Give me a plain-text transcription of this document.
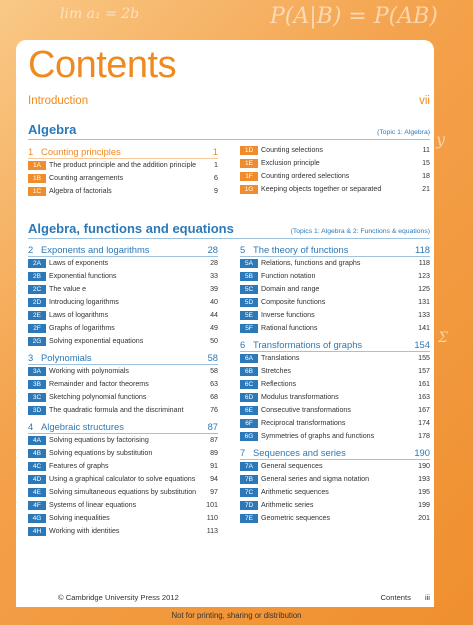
P(A|B) = P(AB)
lim a₁ = 2b
y
Σ
Contents
Introduction	vii
Algebra	(Topic 1: Algebra)
1 Counting principles	1
1A	The product principle and the addition principle	1
1B	Counting arrangements	6
1C	Algebra of factorials	9
1D	Counting selections	11
1E	Exclusion principle	15
1F	Counting ordered selections	18
1G	Keeping objects together or separated	21
Algebra, functions and equations	(Topics 1: Algebra & 2: Functions & equations)
2 Exponents and logarithms	28
2A	Laws of exponents	28
2B	Exponential functions	33
2C	The value e	39
2D	Introducing logarithms	40
2E	Laws of logarithms	44
2F	Graphs of logarithms	49
2G	Solving exponential equations	50
3 Polynomials	58
3A	Working with polynomials	58
3B	Remainder and factor theorems	63
3C	Sketching polynomial functions	68
3D	The quadratic formula and the discriminant	76
4 Algebraic structures	87
4A	Solving equations by factorising	87
4B	Solving equations by substitution	89
4C	Features of graphs	91
4D	Using a graphical calculator to solve equations	94
4E	Solving simultaneous equations by substitution	97
4F	Systems of linear equations	101
4G	Solving inequalities	110
4H	Working with identities	113
5 The theory of functions	118
5A	Relations, functions and graphs	118
5B	Function notation	123
5C	Domain and range	125
5D	Composite functions	131
5E	Inverse functions	133
5F	Rational functions	141
6 Transformations of graphs	154
6A	Translations	155
6B	Stretches	157
6C	Reflections	161
6D	Modulus transformations	163
6E	Consecutive transformations	167
6F	Reciprocal transformations	174
6G	Symmetries of graphs and functions	178
7 Sequences and series	190
7A	General sequences	190
7B	General series and sigma notation	193
7C	Arithmetic sequences	195
7D	Arithmetic series	199
7E	Geometric sequences	201
© Cambridge University Press 2012	Contents iii
Not for printing, sharing or distribution
